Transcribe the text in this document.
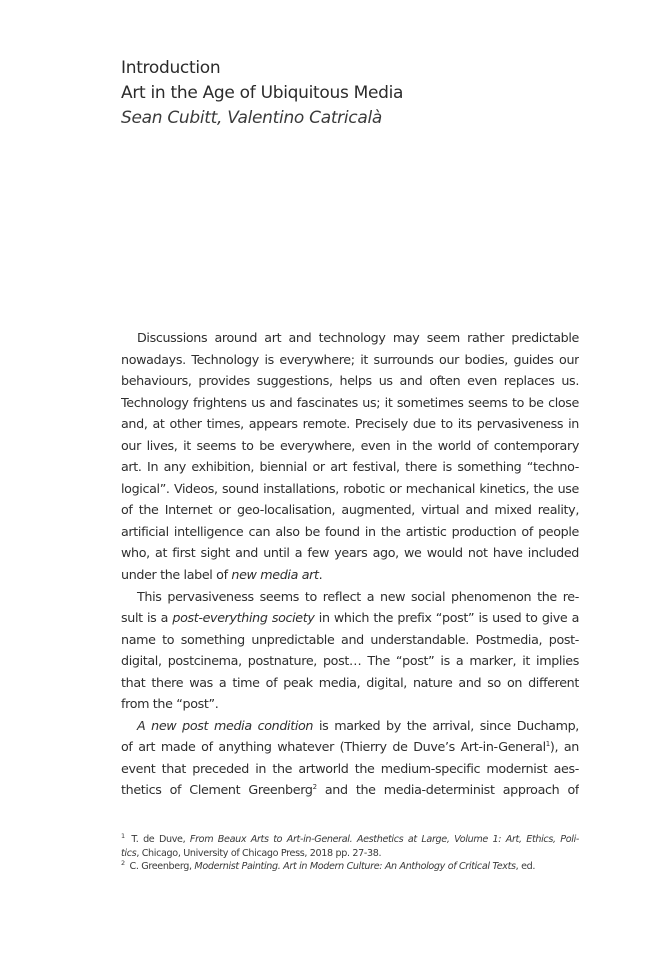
Introduction
Art in the Age of Ubiquitous Media
Sean Cubitt, Valentino Catricalà
Discussions around art and technology may seem rather predictable
nowadays. Technology is everywhere; it surrounds our bodies, guides our
behaviours, provides suggestions, helps us and often even replaces us.
Technology frightens us and fascinates us; it sometimes seems to be close
and, at other times, appears remote. Precisely due to its pervasiveness in
our lives, it seems to be everywhere, even in the world of contemporary
art. In any exhibition, biennial or art festival, there is something “techno-
logical”. Videos, sound installations, robotic or mechanical kinetics, the use
of the Internet or geo-localisation, augmented, virtual and mixed reality,
artificial intelligence can also be found in the artistic production of people
who, at first sight and until a few years ago, we would not have included
under the label of new media art.
This pervasiveness seems to reflect a new social phenomenon the re-
sult is a post-everything society in which the prefix “post” is used to give a
name to something unpredictable and understandable. Postmedia, post-
digital, postcinema, postnature, post… The “post” is a marker, it implies
that there was a time of peak media, digital, nature and so on different
from the “post”.
A new post media condition is marked by the arrival, since Duchamp,
of art made of anything whatever (Thierry de Duve’s Art-in-General$^1$), an
event that preceded in the artworld the medium-specific modernist aes-
thetics of Clement Greenberg$^2$ and the media-determinist approach of
$^1$ T. de Duve, From Beaux Arts to Art-in-General. Aesthetics at Large, Volume 1: Art, Ethics, Poli-
tics, Chicago, University of Chicago Press, 2018 pp. 27-38.
$^2$ C. Greenberg, Modernist Painting. Art in Modern Culture: An Anthology of Critical Texts, ed.
